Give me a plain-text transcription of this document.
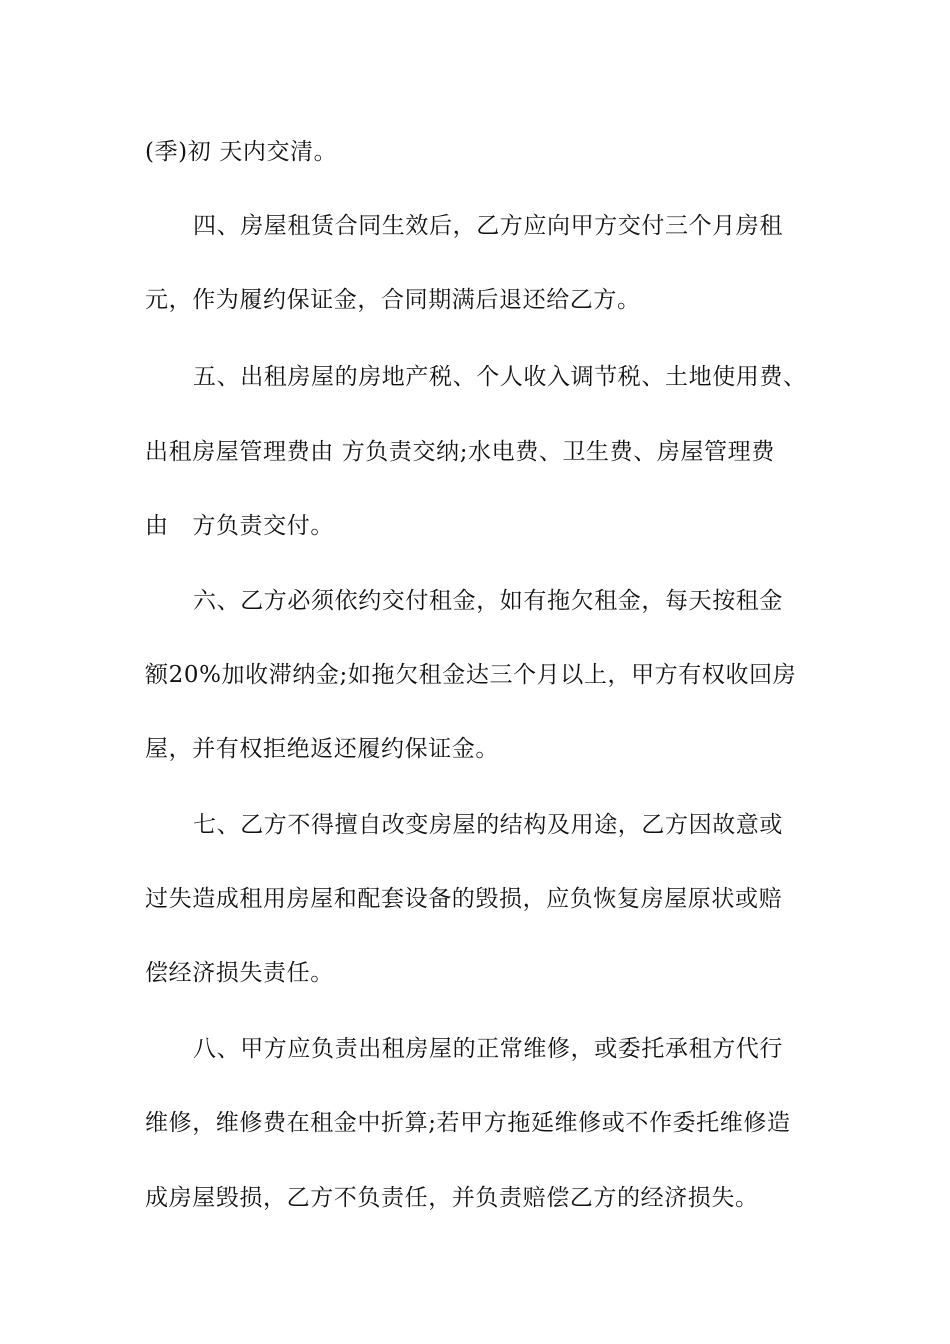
(季)初 天内交清。
四、房屋租赁合同生效后，乙方应向甲方交付三个月房租
元，作为履约保证金，合同期满后退还给乙方。
五、出租房屋的房地产税、个人收入调节税、土地使用费、
出租房屋管理费由 方负责交纳;水电费、卫生费、房屋管理费
由   方负责交付。
六、乙方必须依约交付租金，如有拖欠租金，每天按租金
额20%加收滞纳金;如拖欠租金达三个月以上，甲方有权收回房
屋，并有权拒绝返还履约保证金。
七、乙方不得擅自改变房屋的结构及用途，乙方因故意或
过失造成租用房屋和配套设备的毁损，应负恢复房屋原状或赔
偿经济损失责任。
八、甲方应负责出租房屋的正常维修，或委托承租方代行
维修，维修费在租金中折算;若甲方拖延维修或不作委托维修造
成房屋毁损，乙方不负责任，并负责赔偿乙方的经济损失。
